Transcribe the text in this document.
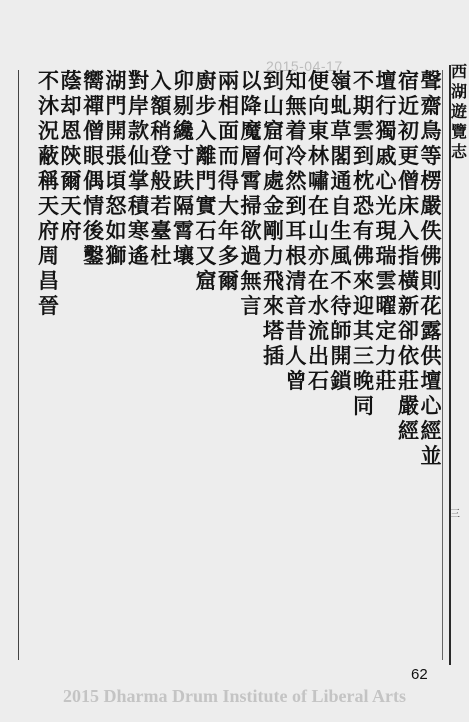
2015-04-17	西
湖
遊
覽
志
三
聲
齋
鳥
等
楞
嚴
佚
佛
則
花
露
供
壇
心
經
並
宿
近
初
更
僧
床
入
指
橫
新
卻
依
莊
嚴
經
壇
行
獨
戚
心
光
現
瑞
雲
曜
定
力
莊
不
期
雲
到
枕
恐
有
佛
來
迎
其
三
晚
同
嶺
虬
草
閣
通
自
生
風
不
待
師
開
鎖
便
向
東
林
嘯
在
山
亦
在
水
流
出
石
知
無
着
冷
然
到
耳
根
清
音
昔
人
曾
到
山
窟
何
處
金
剛
力
飛
來
塔
插
以
降
魔
層
霄
掃
欲
過
無
言
兩
相
面
而
得
大
年
多
爾
廚
步
入
離
門
實
石
又
窟
卯
剔
纔
寸
趺
隔
霄
壤
入
額
稍
登
般
若
臺
杜
對
岸
款
仙
掌
積
寒
遙
湖
門
開
張
頃
怒
如
獅
嚮
禪
僧
眼
偶
情
後
鑿
蔭
却
恩
陝
爾
天
府
不
沐
況
蔽
稱
天
府
周
昌
晉
62
2015 Dharma Drum Institute of Liberal Arts
